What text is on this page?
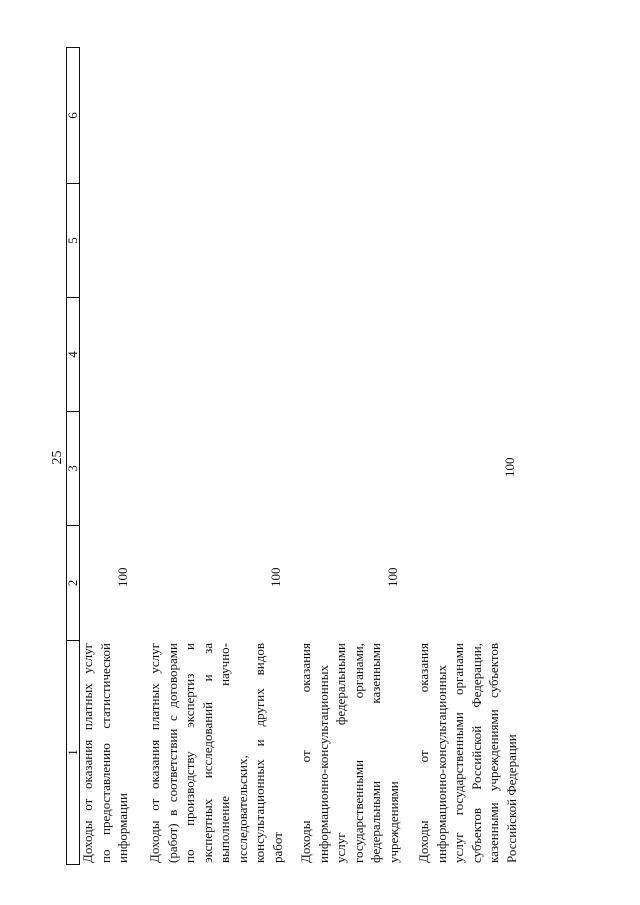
25
1
2
3
4
5
6
Доходы от оказания платных услуг по предоставлению статистической информации
100
Доходы от оказания платных услуг (работ) в соответствии с договорами по производству экспертиз и экспертных исследований и за выполнение научно- исследовательских, консультационных и других видов работ
100
Доходы от оказания информационно-консультационных услуг федеральными государственными органами, федеральными казенными учреждениями
100
Доходы от оказания информационно-консультационных услуг государственными органами субъектов Российской Федерации, казенными учреждениями субъектов Российской Федерации
100
